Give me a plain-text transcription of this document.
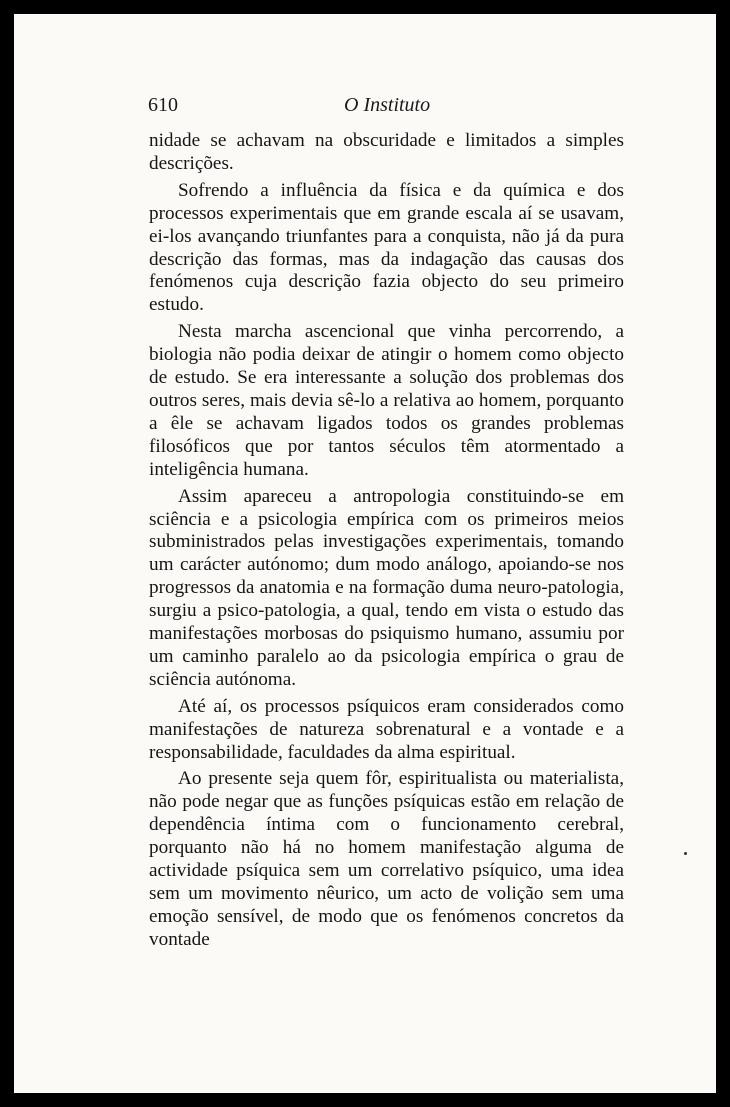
610	O Instituto

nidade se achavam na obscuridade e limitados a simples descrições.

Sofrendo a influência da física e da química e dos processos experimentais que em grande escala aí se usavam, ei-los avançando triunfantes para a conquista, não já da pura descrição das formas, mas da indagação das causas dos fenómenos cuja descrição fazia objecto do seu primeiro estudo.

Nesta marcha ascencional que vinha percorrendo, a biologia não podia deixar de atingir o homem como objecto de estudo. Se era interessante a solução dos problemas dos outros seres, mais devia sê-lo a relativa ao homem, porquanto a êle se achavam ligados todos os grandes problemas filosóficos que por tantos séculos têm atormentado a inteligência humana.

Assim apareceu a antropologia constituindo-se em sciência e a psicologia empírica com os primeiros meios subministrados pelas investigações experimentais, tomando um carácter autónomo; dum modo análogo, apoiando-se nos progressos da anatomia e na formação duma neuro-patologia, surgiu a psico-patologia, a qual, tendo em vista o estudo das manifestações morbosas do psiquismo humano, assumiu por um caminho paralelo ao da psicologia empírica o grau de sciência autónoma.

Até aí, os processos psíquicos eram considerados como manifestações de natureza sobrenatural e a vontade e a responsabilidade, faculdades da alma espiritual.

Ao presente seja quem fôr, espiritualista ou materialista, não pode negar que as funções psíquicas estão em relação de dependência íntima com o funcionamento cerebral, porquanto não há no homem manifestação alguma de actividade psíquica sem um correlativo psíquico, uma idea sem um movimento nêurico, um acto de volição sem uma emoção sensível, de modo que os fenómenos concretos da vontade
